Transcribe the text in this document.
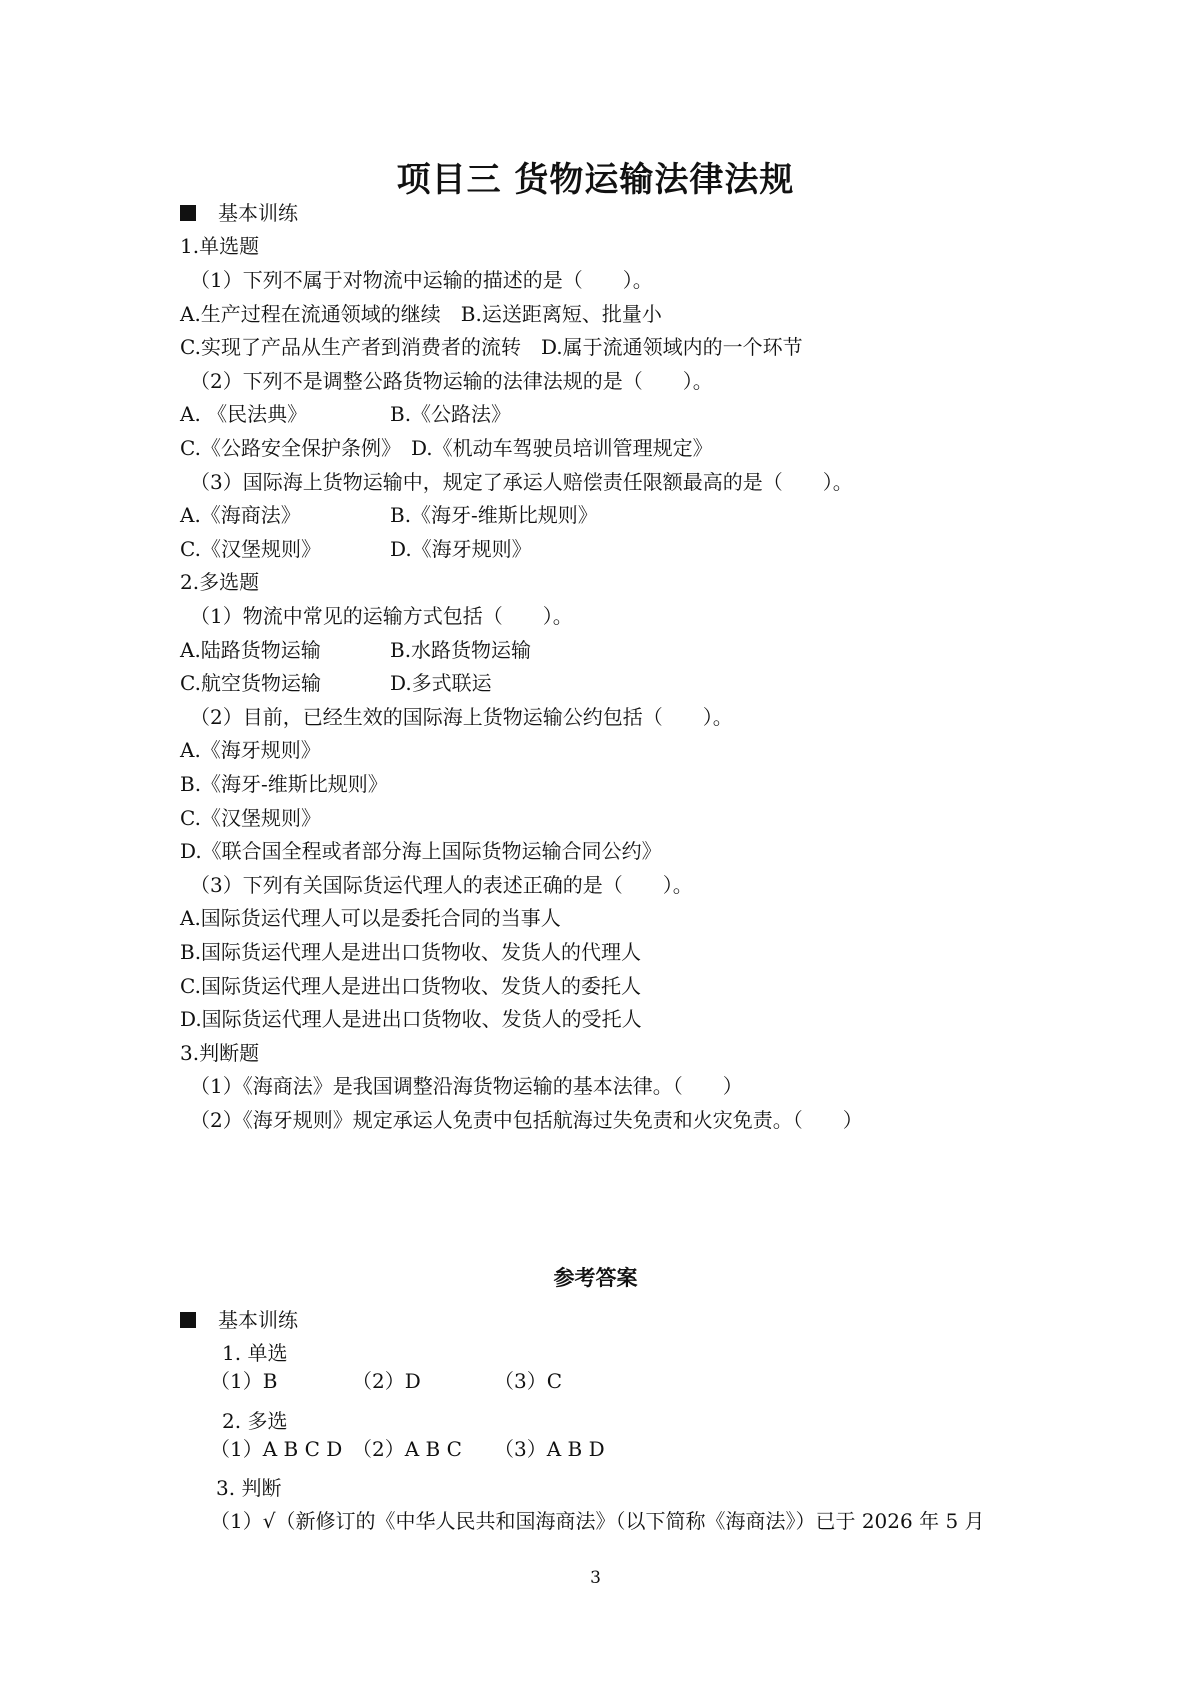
项目三 货物运输法律法规
基本训练
1.单选题
（1）下列不属于对物流中运输的描述的是（　　）。
A.生产过程在流通领域的继续　B.运送距离短、批量小
C.实现了产品从生产者到消费者的流转　D.属于流通领域内的一个环节
（2）下列不是调整公路货物运输的法律法规的是（　　）。
A. 《民法典》	B.《公路法》
C.《公路安全保护条例》　D.《机动车驾驶员培训管理规定》
（3）国际海上货物运输中，规定了承运人赔偿责任限额最高的是（　　）。
A.《海商法》	B.《海牙-维斯比规则》
C.《汉堡规则》	D.《海牙规则》
2.多选题
（1）物流中常见的运输方式包括（　　）。
A.陆路货物运输	B.水路货物运输
C.航空货物运输	D.多式联运
（2）目前，已经生效的国际海上货物运输公约包括（　　）。
A.《海牙规则》
B.《海牙-维斯比规则》
C.《汉堡规则》
D.《联合国全程或者部分海上国际货物运输合同公约》
（3）下列有关国际货运代理人的表述正确的是（　　）。
A.国际货运代理人可以是委托合同的当事人
B.国际货运代理人是进出口货物收、发货人的代理人
C.国际货运代理人是进出口货物收、发货人的委托人
D.国际货运代理人是进出口货物收、发货人的受托人
3.判断题
（1）《海商法》是我国调整沿海货物运输的基本法律。（　　）
（2）《海牙规则》规定承运人免责中包括航海过失免责和火灾免责。（　　）
参考答案
基本训练
1. 单选
（1）B	（2）D	（3）C
2. 多选
（1）A B C D （2）A B C （3）A B D
3. 判断
（1）√（新修订的《中华人民共和国海商法》（以下简称《海商法》）已于 2026 年 5 月
3
